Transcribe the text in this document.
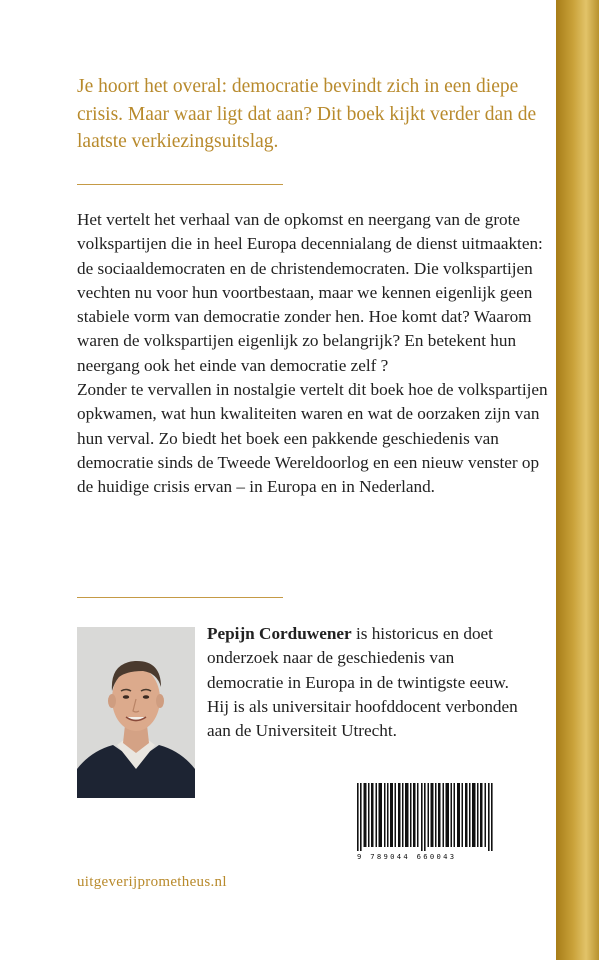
Je hoort het overal: democratie bevindt zich in een diepe crisis. Maar waar ligt dat aan? Dit boek kijkt verder dan de laatste verkiezingsuitslag.

Het vertelt het verhaal van de opkomst en neergang van de grote volkspartijen die in heel Europa decennialang de dienst uitmaakten: de sociaaldemocraten en de christendemocraten. Die volkspartijen vechten nu voor hun voortbestaan, maar we kennen eigenlijk geen stabiele vorm van democratie zonder hen. Hoe komt dat? Waarom waren de volkspartijen eigenlijk zo belangrijk? En betekent hun neergang ook het einde van democratie zelf ?

Zonder te vervallen in nostalgie vertelt dit boek hoe de volkspartijen opkwamen, wat hun kwaliteiten waren en wat de oorzaken zijn van hun verval. Zo biedt het boek een pakkende geschiedenis van democratie sinds de Tweede Wereldoorlog en een nieuw venster op de huidige crisis ervan – in Europa en in Nederland.

Pepijn Corduwener is historicus en doet onderzoek naar de geschiedenis van democratie in Europa in de twintigste eeuw. Hij is als universitair hoofddocent verbonden aan de Universiteit Utrecht.

9 789044 660043
uitgeverijprometheus.nl
